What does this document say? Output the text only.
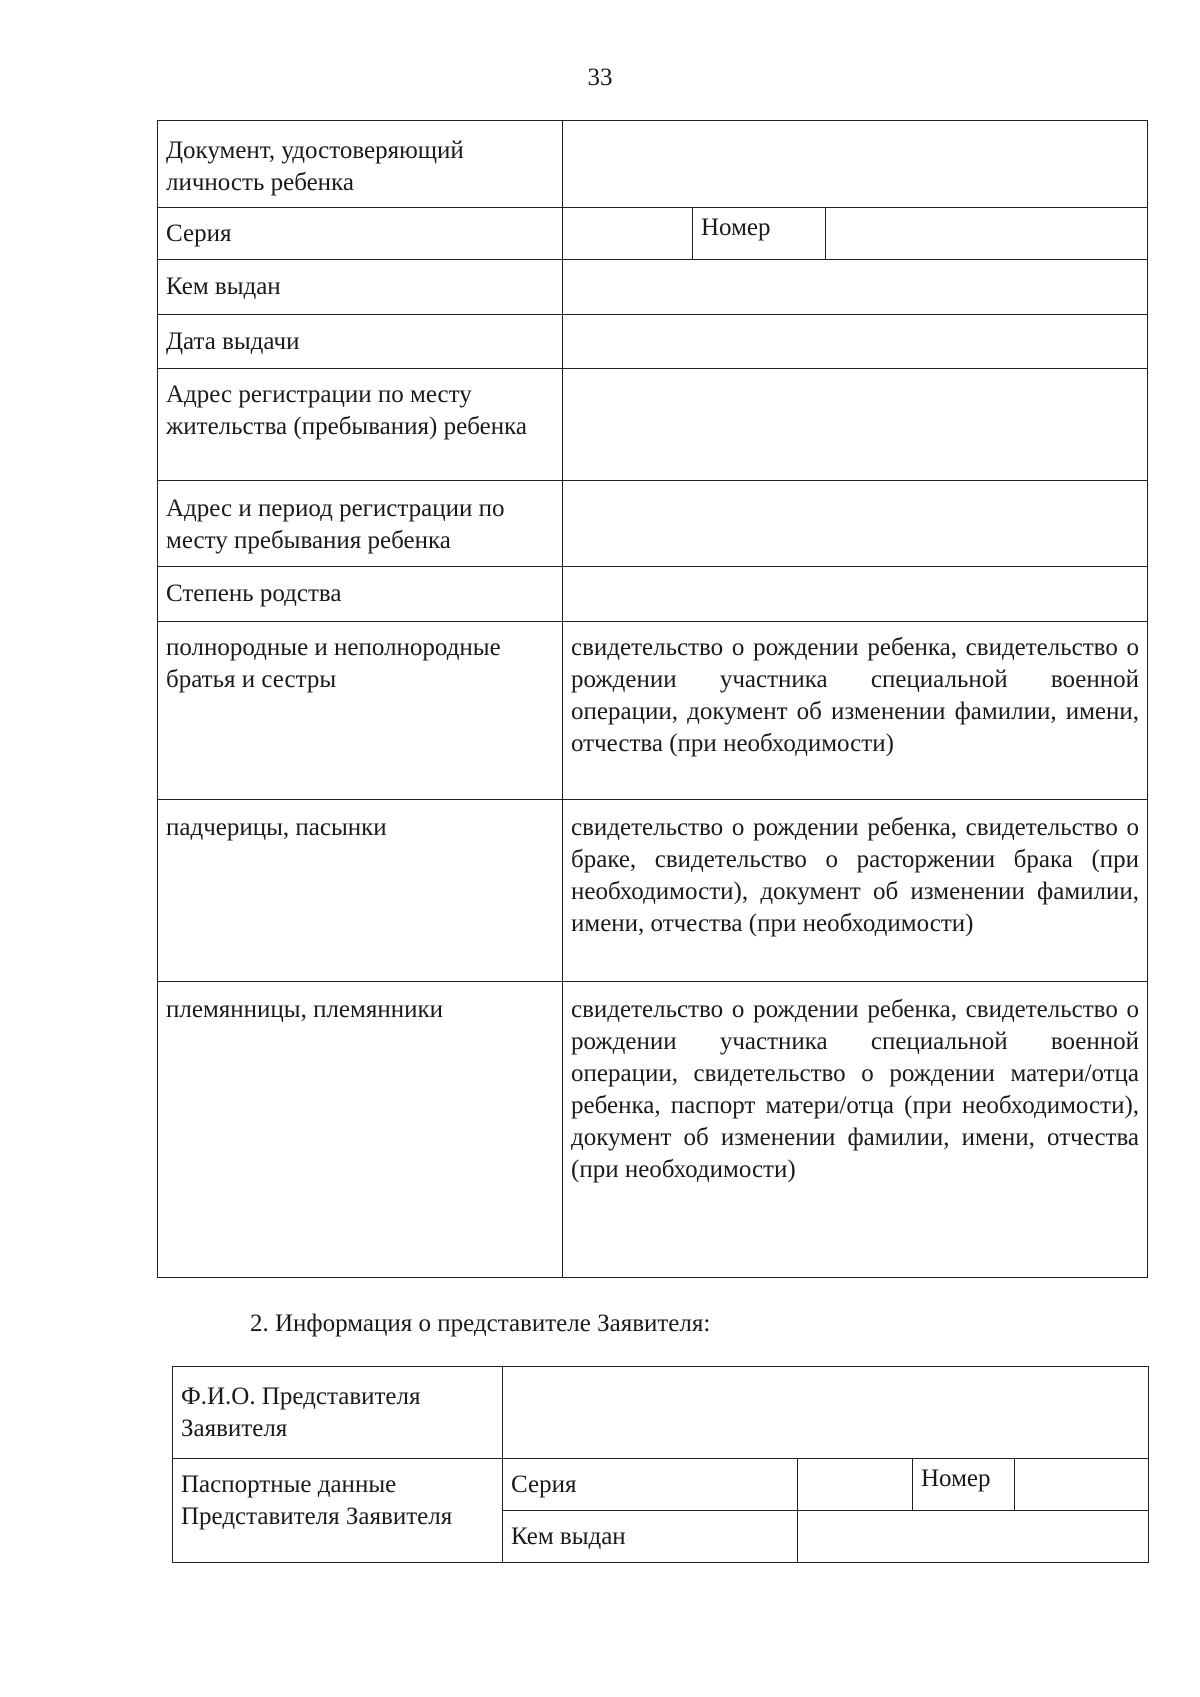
33
Документ, удостоверяющий личность ребенка			
Серия		Номер	
Кем выдан			
Дата выдачи			
Адрес регистрации по месту жительства (пребывания) ребенка			
Адрес и период регистрации по месту пребывания ребенка			
Степень родства			
полнородные и неполнородные братья и сестры	свидетельство о рождении ребенка, свидетельство о рождении участника специальной военной операции, документ об изменении фамилии, имени, отчества (при необходимости)		
падчерицы, пасынки	свидетельство о рождении ребенка, свидетельство о браке, свидетельство о расторжении брака (при необходимости), документ об изменении фамилии, имени, отчества (при необходимости)		
племянницы, племянники	свидетельство о рождении ребенка, свидетельство о рождении участника специальной военной операции, свидетельство о рождении матери/отца ребенка, паспорт матери/отца (при необходимости), документ об изменении фамилии, имени, отчества (при необходимости)		
2. Информация о представителе Заявителя:
Ф.И.О. Представителя Заявителя				
Паспортные данные Представителя Заявителя	Серия		Номер	
	Кем выдан			
